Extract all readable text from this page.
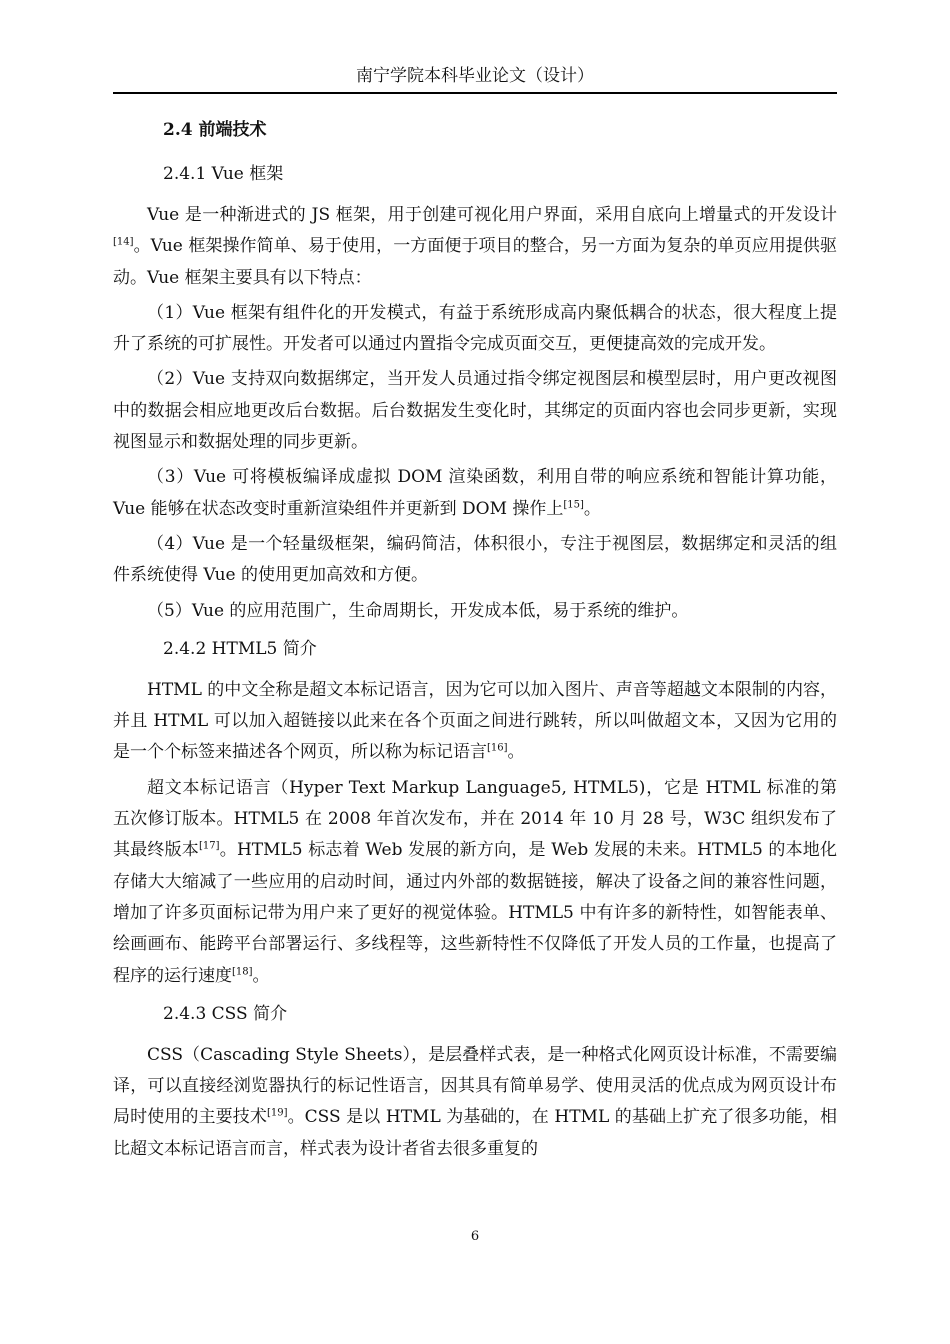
南宁学院本科毕业论文（设计）
2.4 前端技术
2.4.1 Vue 框架

Vue 是一种渐进式的 JS 框架，用于创建可视化用户界面，采用自底向上增量式的开发设计[14]。Vue 框架操作简单、易于使用，一方面便于项目的整合，另一方面为复杂的单页应用提供驱动。Vue 框架主要具有以下特点：

（1）Vue 框架有组件化的开发模式，有益于系统形成高内聚低耦合的状态，很大程度上提升了系统的可扩展性。开发者可以通过内置指令完成页面交互，更便捷高效的完成开发。

（2）Vue 支持双向数据绑定，当开发人员通过指令绑定视图层和模型层时，用户更改视图中的数据会相应地更改后台数据。后台数据发生变化时，其绑定的页面内容也会同步更新，实现视图显示和数据处理的同步更新。

（3）Vue 可将模板编译成虚拟 DOM 渲染函数，利用自带的响应系统和智能计算功能，Vue 能够在状态改变时重新渲染组件并更新到 DOM 操作上[15]。

（4）Vue 是一个轻量级框架，编码简洁，体积很小，专注于视图层，数据绑定和灵活的组件系统使得 Vue 的使用更加高效和方便。

（5）Vue 的应用范围广，生命周期长，开发成本低，易于系统的维护。

2.4.2 HTML5 简介

HTML 的中文全称是超文本标记语言，因为它可以加入图片、声音等超越文本限制的内容，并且 HTML 可以加入超链接以此来在各个页面之间进行跳转，所以叫做超文本，又因为它用的是一个个标签来描述各个网页，所以称为标记语言[16]。

超文本标记语言（Hyper Text Markup Language5, HTML5)，它是 HTML 标准的第五次修订版本。HTML5 在 2008 年首次发布，并在 2014 年 10 月 28 号，W3C 组织发布了其最终版本[17]。HTML5 标志着 Web 发展的新方向，是 Web 发展的未来。HTML5 的本地化存储大大缩减了一些应用的启动时间，通过内外部的数据链接，解决了设备之间的兼容性问题，增加了许多页面标记带为用户来了更好的视觉体验。HTML5 中有许多的新特性，如智能表单、绘画画布、能跨平台部署运行、多线程等，这些新特性不仅降低了开发人员的工作量，也提高了程序的运行速度[18]。

2.4.3 CSS 简介

CSS（Cascading Style Sheets），是层叠样式表，是一种格式化网页设计标准，不需要编译，可以直接经浏览器执行的标记性语言，因其具有简单易学、使用灵活的优点成为网页设计布局时使用的主要技术[19]。CSS 是以 HTML 为基础的，在 HTML 的基础上扩充了很多功能，相比超文本标记语言而言，样式表为设计者省去很多重复的

6
